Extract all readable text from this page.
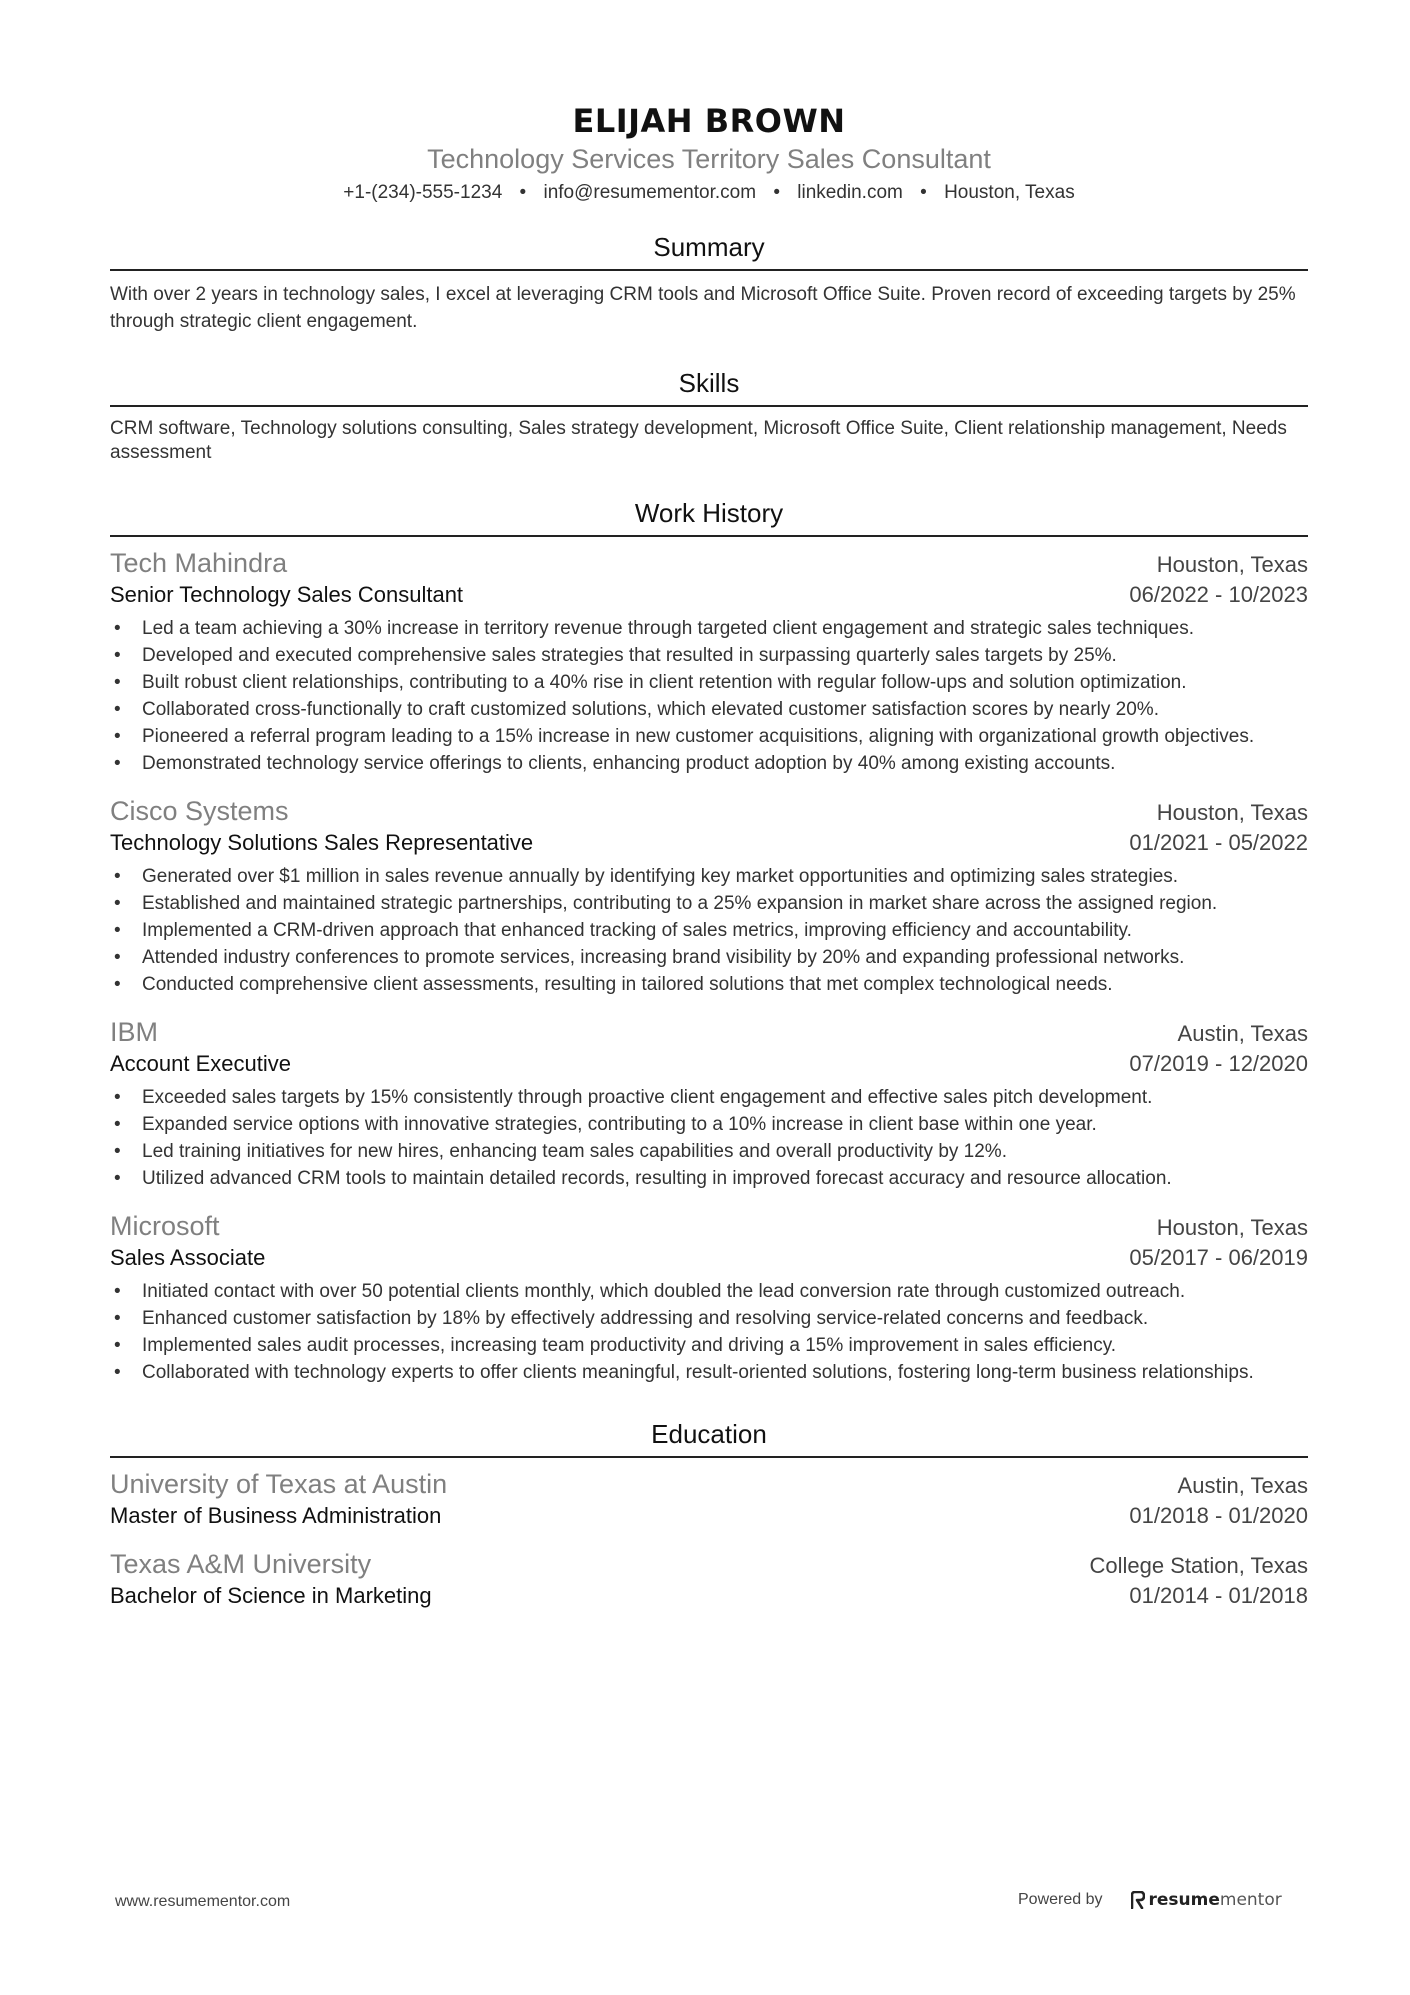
ELIJAH BROWN
Technology Services Territory Sales Consultant
+1-(234)-555-1234 • info@resumementor.com • linkedin.com • Houston, Texas
Summary
With over 2 years in technology sales, I excel at leveraging CRM tools and Microsoft Office Suite. Proven record of exceeding targets by 25% through strategic client engagement.
Skills
CRM software, Technology solutions consulting, Sales strategy development, Microsoft Office Suite, Client relationship management, Needs assessment
Work History
Tech Mahindra	Houston, Texas
Senior Technology Sales Consultant	06/2022 - 10/2023
• Led a team achieving a 30% increase in territory revenue through targeted client engagement and strategic sales techniques.
• Developed and executed comprehensive sales strategies that resulted in surpassing quarterly sales targets by 25%.
• Built robust client relationships, contributing to a 40% rise in client retention with regular follow-ups and solution optimization.
• Collaborated cross-functionally to craft customized solutions, which elevated customer satisfaction scores by nearly 20%.
• Pioneered a referral program leading to a 15% increase in new customer acquisitions, aligning with organizational growth objectives.
• Demonstrated technology service offerings to clients, enhancing product adoption by 40% among existing accounts.
Cisco Systems	Houston, Texas
Technology Solutions Sales Representative	01/2021 - 05/2022
• Generated over $1 million in sales revenue annually by identifying key market opportunities and optimizing sales strategies.
• Established and maintained strategic partnerships, contributing to a 25% expansion in market share across the assigned region.
• Implemented a CRM-driven approach that enhanced tracking of sales metrics, improving efficiency and accountability.
• Attended industry conferences to promote services, increasing brand visibility by 20% and expanding professional networks.
• Conducted comprehensive client assessments, resulting in tailored solutions that met complex technological needs.
IBM	Austin, Texas
Account Executive	07/2019 - 12/2020
• Exceeded sales targets by 15% consistently through proactive client engagement and effective sales pitch development.
• Expanded service options with innovative strategies, contributing to a 10% increase in client base within one year.
• Led training initiatives for new hires, enhancing team sales capabilities and overall productivity by 12%.
• Utilized advanced CRM tools to maintain detailed records, resulting in improved forecast accuracy and resource allocation.
Microsoft	Houston, Texas
Sales Associate	05/2017 - 06/2019
• Initiated contact with over 50 potential clients monthly, which doubled the lead conversion rate through customized outreach.
• Enhanced customer satisfaction by 18% by effectively addressing and resolving service-related concerns and feedback.
• Implemented sales audit processes, increasing team productivity and driving a 15% improvement in sales efficiency.
• Collaborated with technology experts to offer clients meaningful, result-oriented solutions, fostering long-term business relationships.
Education
University of Texas at Austin	Austin, Texas
Master of Business Administration	01/2018 - 01/2020
Texas A&M University	College Station, Texas
Bachelor of Science in Marketing	01/2014 - 01/2018
www.resumementor.com	Powered by	resume mentor
